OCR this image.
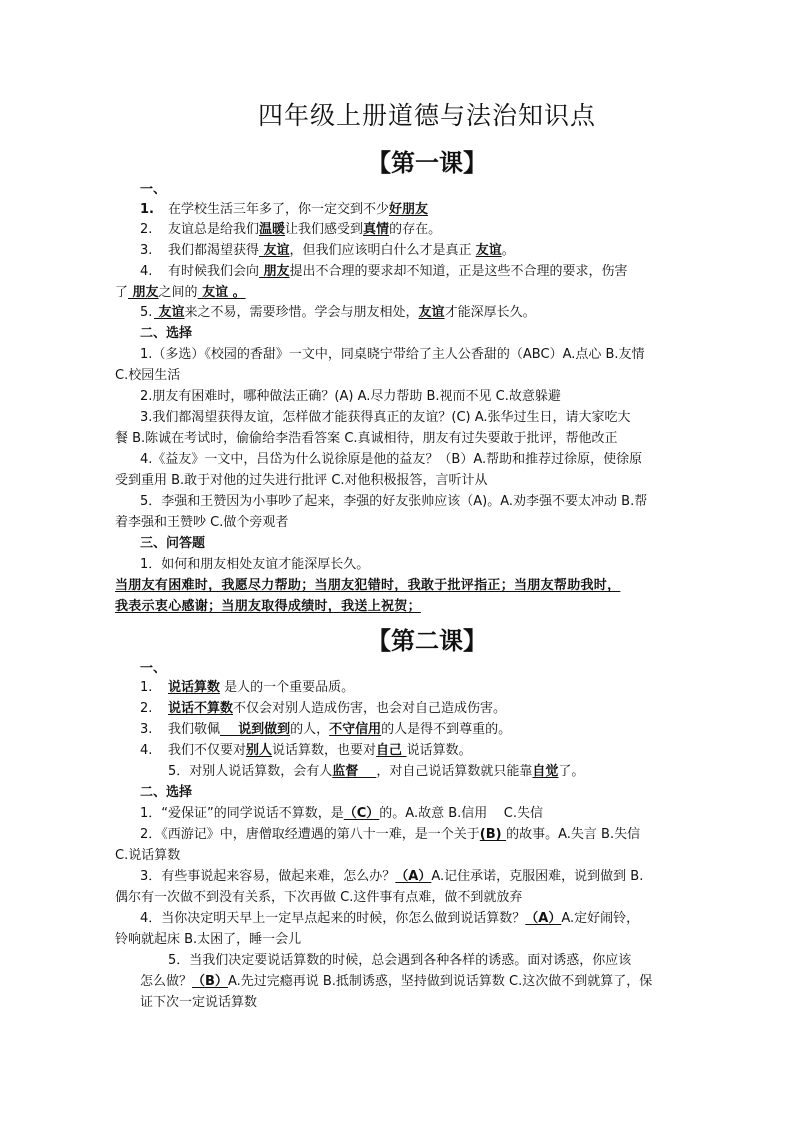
四年级上册道德与法治知识点
【第一课】
一、
1. 在学校生活三年多了，你一定交到不少好朋友
2. 友谊总是给我们温暖让我们感受到真情的存在。
3. 我们都渴望获得 友谊，但我们应该明白什么才是真正 友谊。
4. 有时候我们会向 朋友提出不合理的要求却不知道，正是这些不合理的要求，伤害
了 朋友之间的 友谊 。
5. 友谊来之不易，需要珍惜。学会与朋友相处，友谊才能深厚长久。
二、选择
1.（多选）《校园的香甜》一文中，同桌晓宁带给了主人公香甜的（ABC）A.点心 B.友情
C.校园生活
2.朋友有困难时，哪种做法正确？(A) A.尽力帮助 B.视而不见 C.故意躲避
3.我们都渴望获得友谊，怎样做才能获得真正的友谊？(C) A.张华过生日，请大家吃大
餐 B.陈诚在考试时，偷偷给李浩看答案 C.真诚相待，朋友有过失要敢于批评，帮他改正
4.《益友》一文中，吕岱为什么说徐原是他的益友？（B）A.帮助和推荐过徐原，使徐原
受到重用 B.敢于对他的过失进行批评 C.对他积极报答，言听计从
5．李强和王赞因为小事吵了起来，李强的好友张帅应该（A)。A.劝李强不要太冲动 B.帮
着李强和王赞吵 C.做个旁观者
三、问答题
1．如何和朋友相处友谊才能深厚长久。
当朋友有困难时，我愿尽力帮助；当朋友犯错时，我敢于批评指正；当朋友帮助我时，
我表示衷心感谢；当朋友取得成绩时，我送上祝贺；
【第二课】
一、
1. 说话算数 是人的一个重要品质。
2. 说话不算数不仅会对别人造成伤害，也会对自己造成伤害。
3. 我们敬佩    说到做到的人，不守信用的人是得不到尊重的。
4. 我们不仅要对别人说话算数，也要对自己 说话算数。
5．对别人说话算数，会有人监督    ，对自己说话算数就只能靠自觉了。
二、选择
1．“爱保证”的同学说话不算数，是（C）的。A.故意 B.信用    C.失信
2．《西游记》中，唐僧取经遭遇的第八十一难，是一个关于(B) 的故事。A.失言 B.失信
C.说话算数
3．有些事说起来容易，做起来难，怎么办？（A）A.记住承诺，克服困难，说到做到 B.
偶尔有一次做不到没有关系，下次再做 C.这件事有点难，做不到就放弃
4．当你决定明天早上一定早点起来的时候，你怎么做到说话算数？（A）A.定好闹铃，
铃响就起床 B.太困了，睡一会儿
5．当我们决定要说话算数的时候，总会遇到各种各样的诱惑。面对诱惑，你应该
怎么做？（B）A.先过完瘾再说 B.抵制诱惑，坚持做到说话算数 C.这次做不到就算了，保
证下次一定说话算数
